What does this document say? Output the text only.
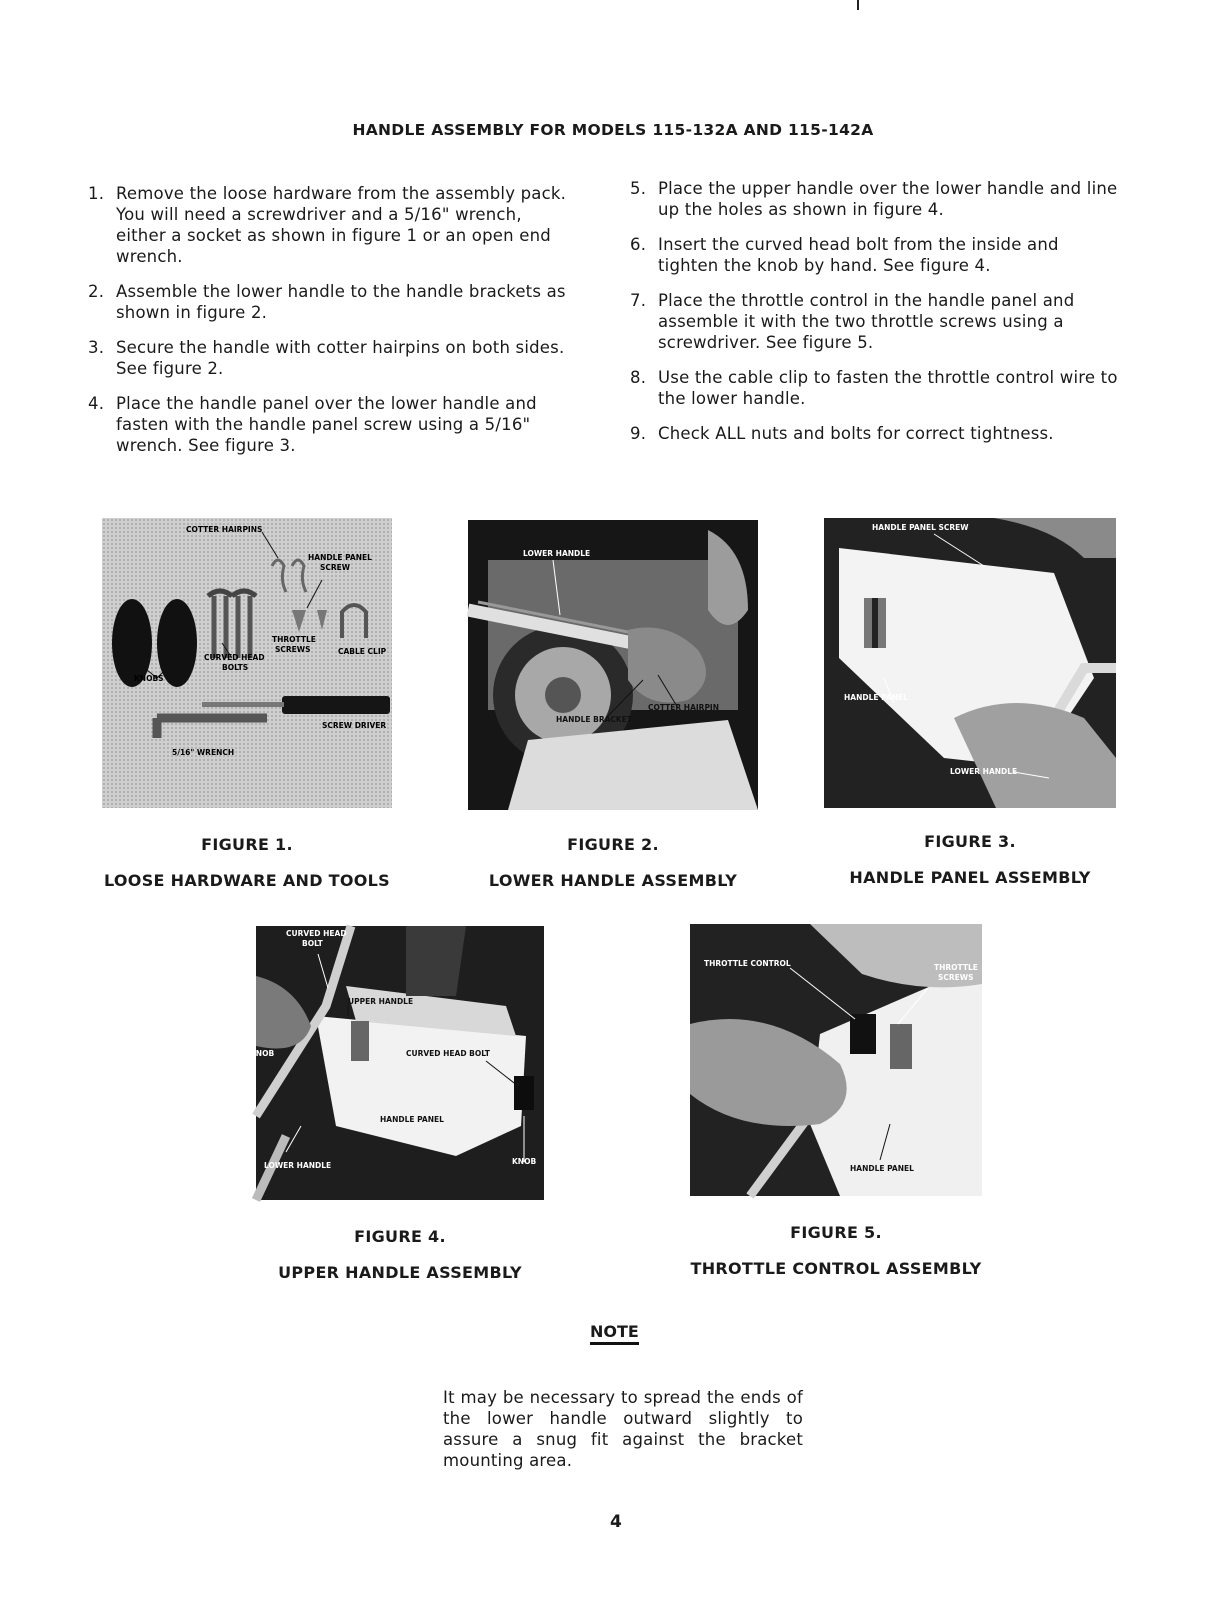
HANDLE ASSEMBLY FOR MODELS 115-132A AND 115-142A
1. Remove the loose hardware from the assembly pack. You will need a screwdriver and a 5/16" wrench, either a socket as shown in figure 1 or an open end wrench.
2. Assemble the lower handle to the handle brackets as shown in figure 2.
3. Secure the handle with cotter hairpins on both sides. See figure 2.
4. Place the handle panel over the lower handle and fasten with the handle panel screw using a 5/16" wrench. See figure 3.
5. Place the upper handle over the lower handle and line up the holes as shown in figure 4.
6. Insert the curved head bolt from the inside and tighten the knob by hand. See figure 4.
7. Place the throttle control in the handle panel and assemble it with the two throttle screws using a screwdriver. See figure 5.
8. Use the cable clip to fasten the throttle control wire to the lower handle.
9. Check ALL nuts and bolts for correct tightness.
COTTER HAIRPINS
HANDLE PANEL
SCREW
THROTTLE
SCREWS	CABLE CLIP
CURVED HEAD
BOLTS
KNOBS
SCREW DRIVER
5/16" WRENCH
LOWER HANDLE
COTTER HAIRPIN
HANDLE BRACKET
HANDLE PANEL SCREW
HANDLE PANEL
LOWER HANDLE
CURVED HEAD
BOLT
UPPER HANDLE
KNOB	CURVED HEAD BOLT
HANDLE PANEL
LOWER HANDLE	KNOB
THROTTLE CONTROL	THROTTLE
SCREWS
HANDLE PANEL
FIGURE 1.
LOOSE HARDWARE AND TOOLS
FIGURE 2.
LOWER HANDLE ASSEMBLY
FIGURE 3.
HANDLE PANEL ASSEMBLY
FIGURE 4.
UPPER HANDLE ASSEMBLY
FIGURE 5.
THROTTLE CONTROL ASSEMBLY
NOTE
It may be necessary to spread the ends of the lower handle outward slightly to assure a snug fit against the bracket mounting area.
4
